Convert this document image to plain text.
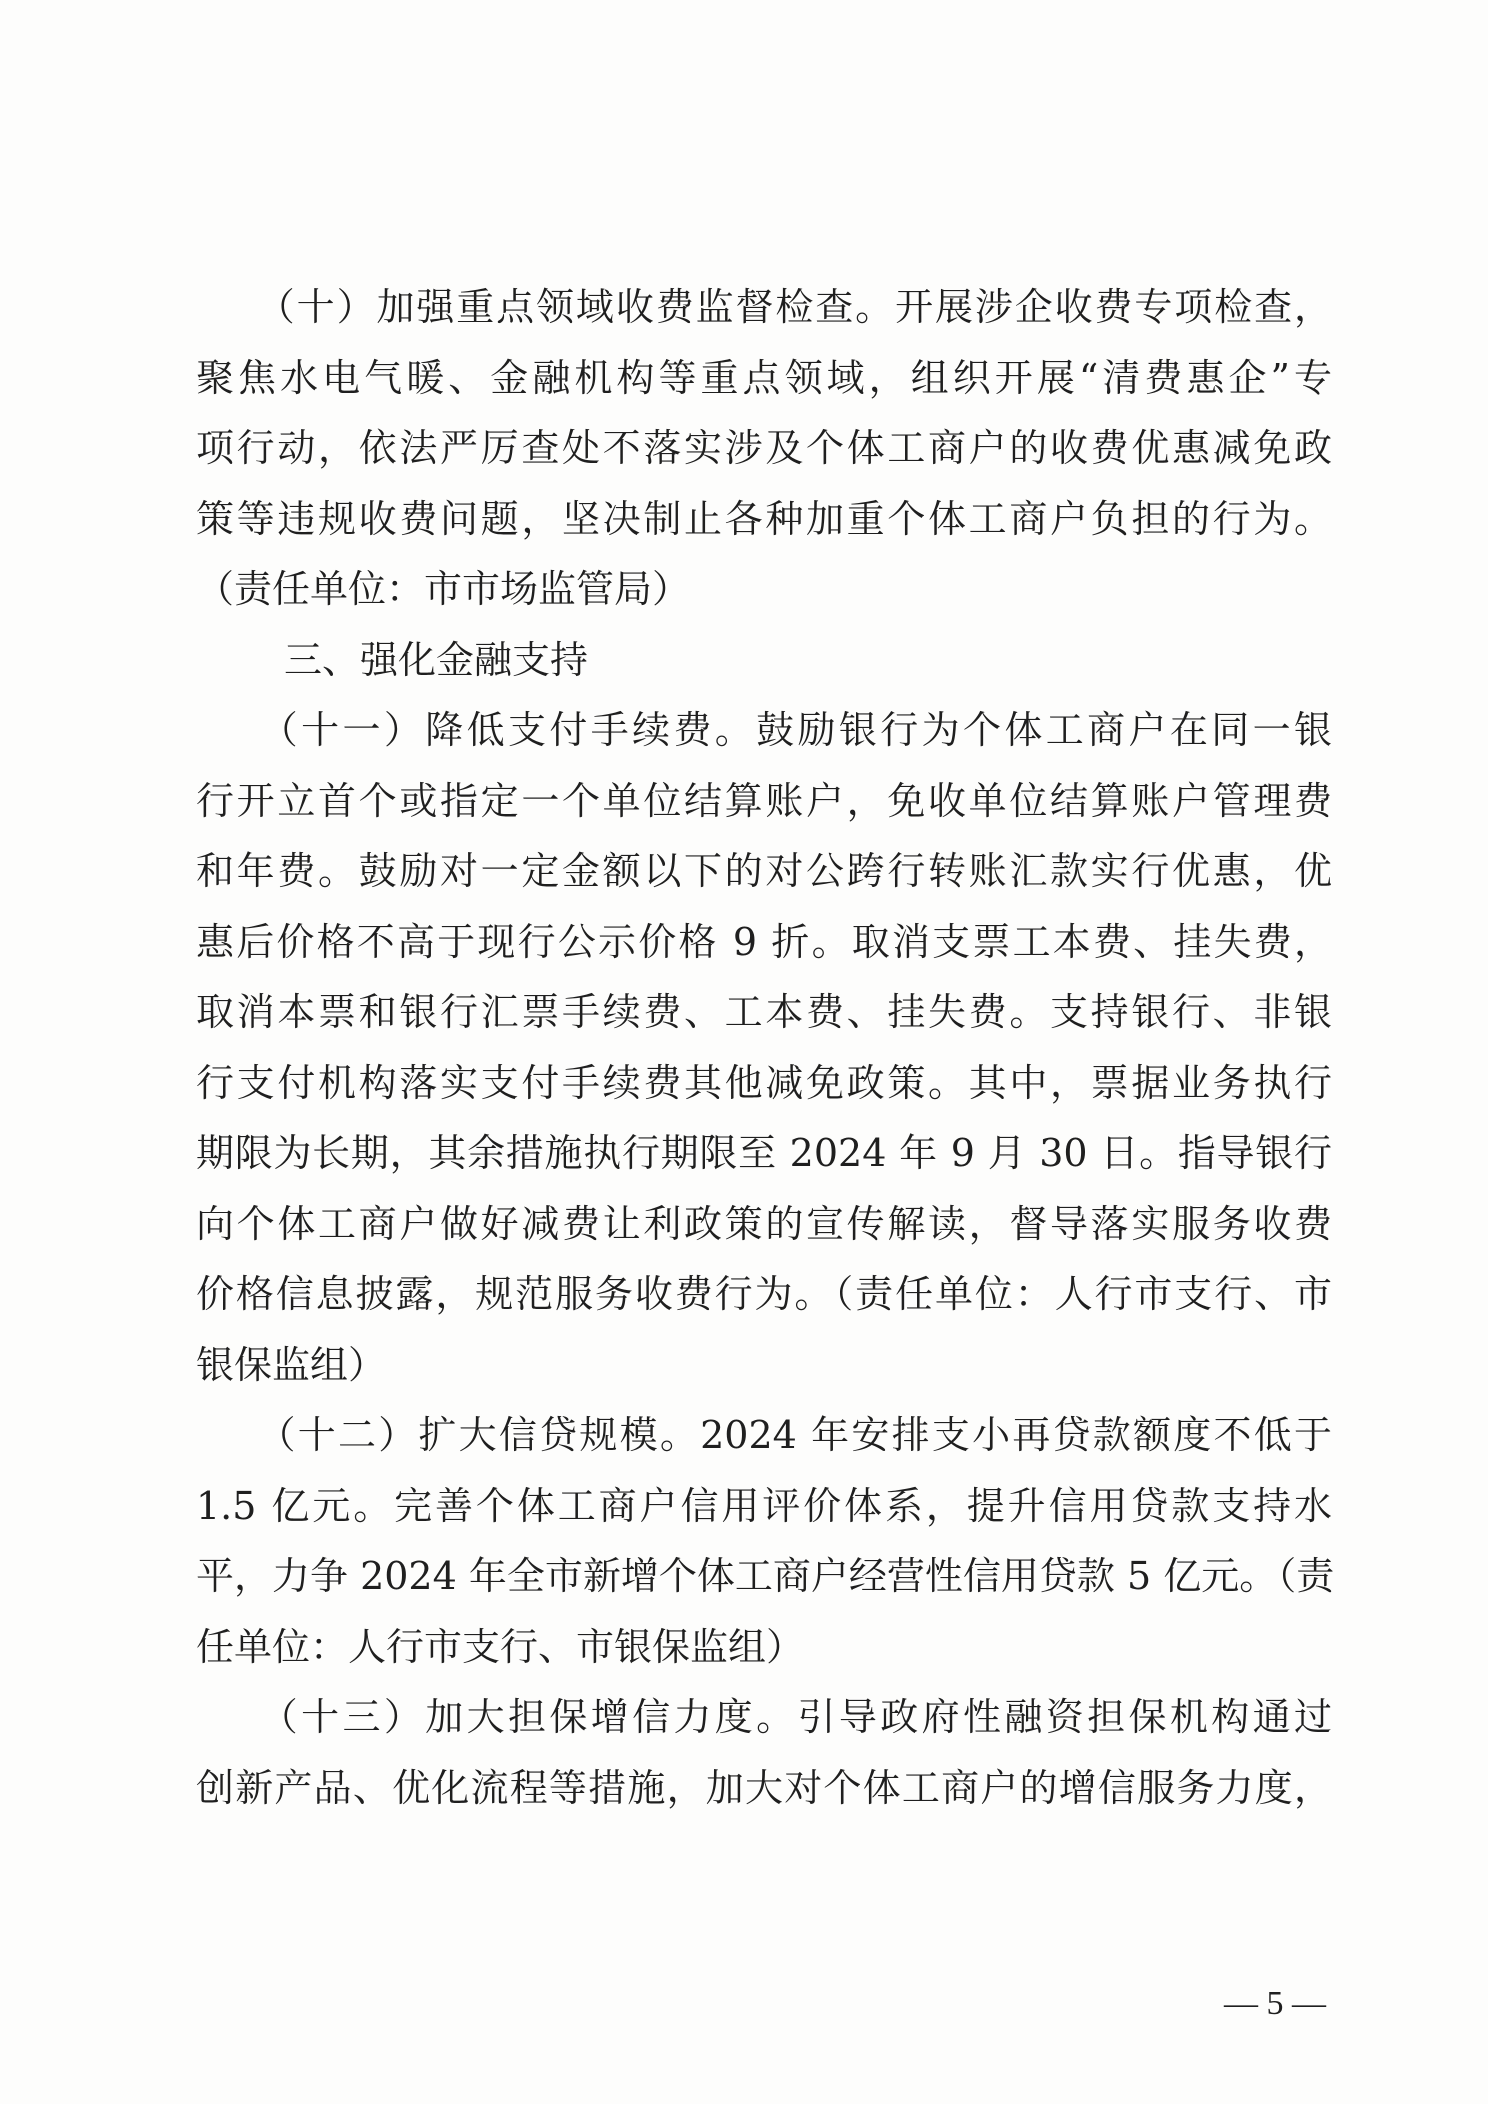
　　（十）加强重点领域收费监督检查。开展涉企收费专项检查，
聚焦水电气暖、金融机构等重点领域，组织开展“清费惠企”专
项行动，依法严厉查处不落实涉及个体工商户的收费优惠减免政
策等违规收费问题，坚决制止各种加重个体工商户负担的行为。
（责任单位：市市场监管局）
三、强化金融支持
　　（十一）降低支付手续费。鼓励银行为个体工商户在同一银
行开立首个或指定一个单位结算账户，免收单位结算账户管理费
和年费。鼓励对一定金额以下的对公跨行转账汇款实行优惠，优
惠后价格不高于现行公示价格 9 折。取消支票工本费、挂失费，
取消本票和银行汇票手续费、工本费、挂失费。支持银行、非银
行支付机构落实支付手续费其他减免政策。其中，票据业务执行
期限为长期，其余措施执行期限至 2024 年 9 月 30 日。指导银行
向个体工商户做好减费让利政策的宣传解读，督导落实服务收费
价格信息披露，规范服务收费行为。（责任单位：人行市支行、市
银保监组）
　　（十二）扩大信贷规模。2024 年安排支小再贷款额度不低于
1.5 亿元。完善个体工商户信用评价体系，提升信用贷款支持水
平，力争 2024 年全市新增个体工商户经营性信用贷款 5 亿元。（责
任单位：人行市支行、市银保监组）
　　（十三）加大担保增信力度。引导政府性融资担保机构通过
创新产品、优化流程等措施，加大对个体工商户的增信服务力度，
— 5 —
